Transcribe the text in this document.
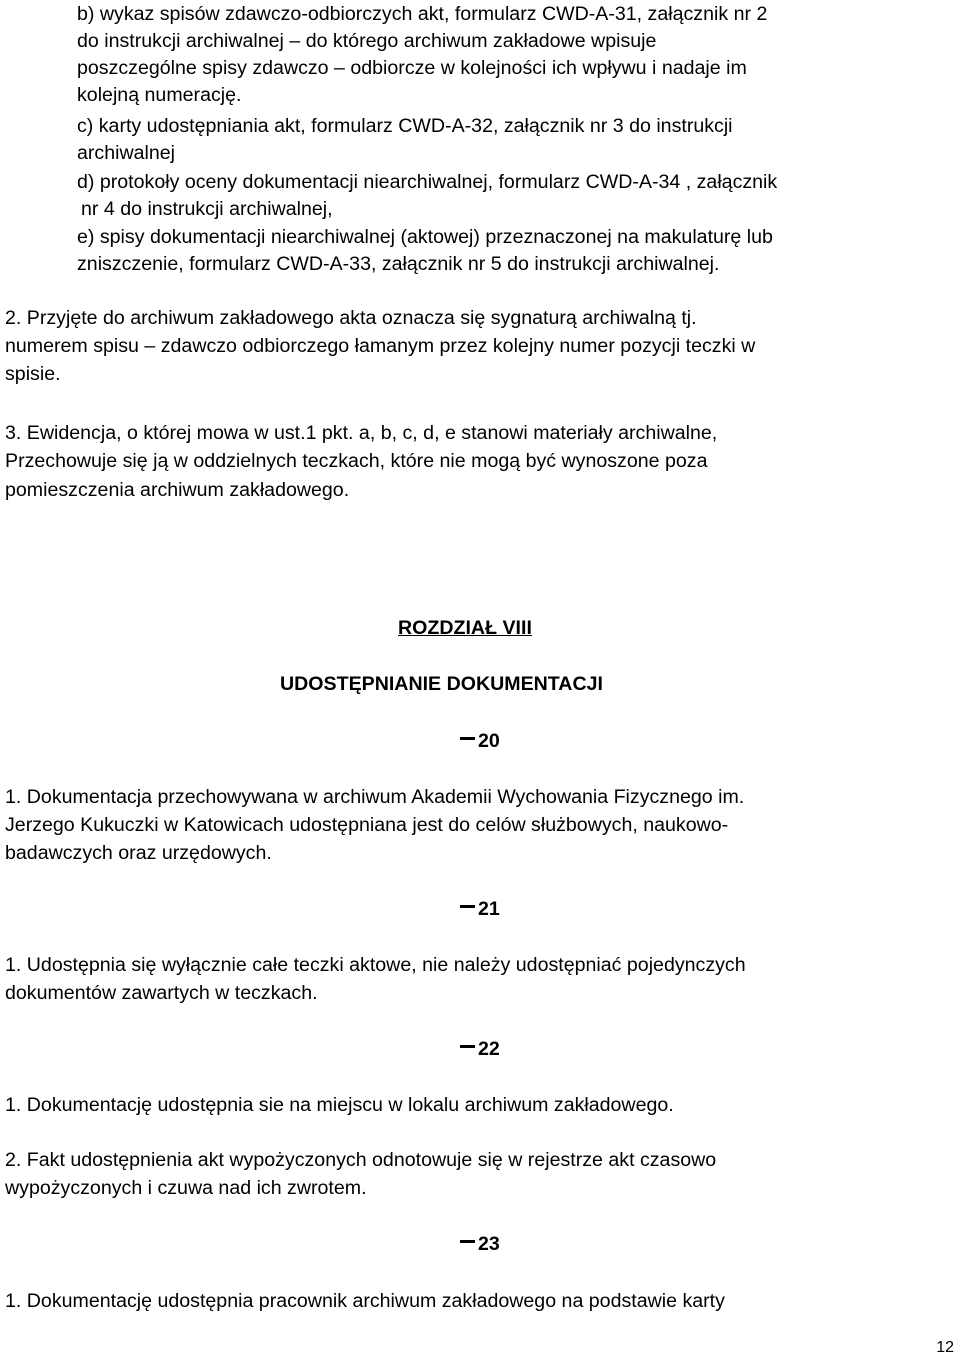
b) wykaz spisów zdawczo-odbiorczych akt, formularz CWD-A-31, załącznik nr 2
do instrukcji archiwalnej – do którego archiwum zakładowe wpisuje
poszczególne spisy zdawczo – odbiorcze w kolejności ich wpływu i nadaje im
kolejną numerację.
c) karty udostępniania akt, formularz CWD-A-32, załącznik nr 3 do instrukcji
archiwalnej
d) protokoły oceny dokumentacji niearchiwalnej, formularz CWD-A-34 , załącznik
nr 4 do instrukcji archiwalnej,
e) spisy dokumentacji niearchiwalnej (aktowej) przeznaczonej na makulaturę lub
zniszczenie, formularz CWD-A-33, załącznik nr 5 do instrukcji archiwalnej.
2. Przyjęte do archiwum zakładowego akta oznacza się sygnaturą archiwalną tj.
numerem spisu – zdawczo odbiorczego łamanym przez kolejny numer pozycji teczki w
spisie.
3. Ewidencja, o której mowa w ust.1 pkt. a, b, c, d, e stanowi materiały archiwalne,
Przechowuje się ją w oddzielnych teczkach, które nie mogą być wynoszone poza
pomieszczenia archiwum zakładowego.
ROZDZIAŁ VIII
UDOSTĘPNIANIE DOKUMENTACJI
20
1. Dokumentacja przechowywana w archiwum Akademii Wychowania Fizycznego im.
Jerzego Kukuczki w Katowicach udostępniana jest do celów służbowych, naukowo-
badawczych oraz urzędowych.
21
1. Udostępnia się wyłącznie całe teczki aktowe, nie należy udostępniać pojedynczych
dokumentów zawartych w teczkach.
22
1. Dokumentację udostępnia sie na miejscu w lokalu archiwum zakładowego.
2. Fakt udostępnienia akt wypożyczonych odnotowuje się w rejestrze akt czasowo
wypożyczonych i czuwa nad ich zwrotem.
23
1. Dokumentację udostępnia pracownik archiwum zakładowego na podstawie karty
12
